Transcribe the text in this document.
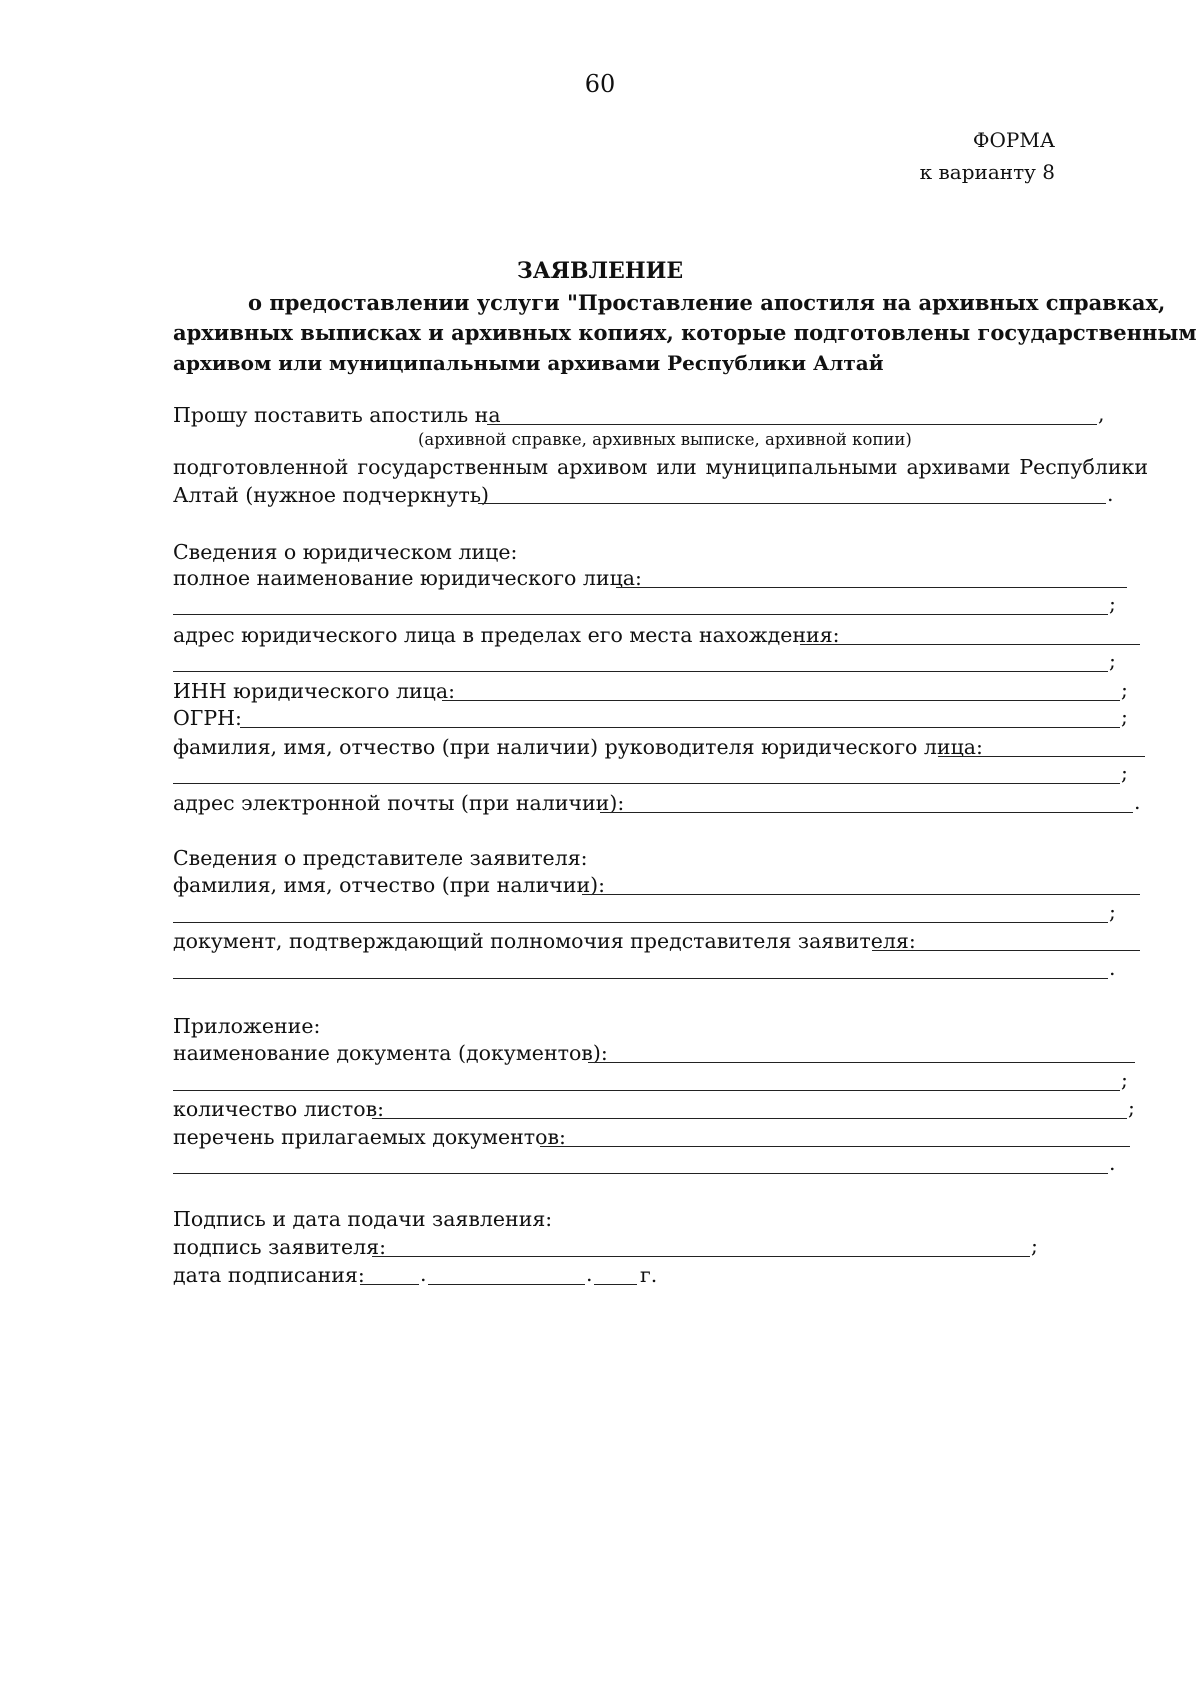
60
ФОРМА
к варианту 8
ЗАЯВЛЕНИЕ
о предоставлении услуги "Проставление апостиля на архивных справках,
архивных выписках и архивных копиях, которые подготовлены государственным
архивом или муниципальными архивами Республики Алтай
Прошу поставить апостиль на	,
(архивной справке, архивных выписке, архивной копии)
подготовленной государственным архивом или муниципальными архивами Республики
Алтай (нужное подчеркнуть)	.
Сведения о юридическом лице:
полное наименование юридического лица:
;
адрес юридического лица в пределах его места нахождения:
;
ИНН юридического лица:	;
ОГРН:	;
фамилия, имя, отчество (при наличии) руководителя юридического лица:
;
адрес электронной почты (при наличии):	.
Сведения о представителе заявителя:
фамилия, имя, отчество (при наличии):
;
документ, подтверждающий полномочия представителя заявителя:
.
Приложение:
наименование документа (документов):
;
количество листов:	;
перечень прилагаемых документов:
.
Подпись и дата подачи заявления:
подпись заявителя:	;
дата подписания:	.	. г.
